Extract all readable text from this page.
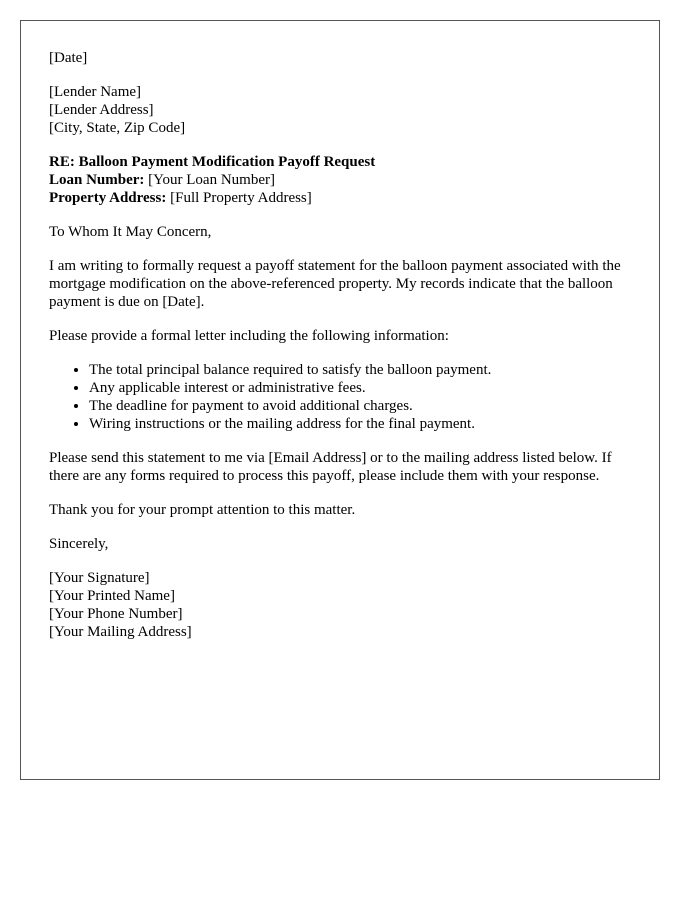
[Date]

[Lender Name]
[Lender Address]
[City, State, Zip Code]
RE: Balloon Payment Modification Payoff Request
Loan Number: [Your Loan Number]
Property Address: [Full Property Address]

To Whom It May Concern,

I am writing to formally request a payoff statement for the balloon payment associated with the mortgage modification on the above-referenced property. My records indicate that the balloon payment is due on [Date].

Please provide a formal letter including the following information:

• The total principal balance required to satisfy the balloon payment.
• Any applicable interest or administrative fees.
• The deadline for payment to avoid additional charges.
• Wiring instructions or the mailing address for the final payment.

Please send this statement to me via [Email Address] or to the mailing address listed below. If there are any forms required to process this payoff, please include them with your response.

Thank you for your prompt attention to this matter.

Sincerely,

[Your Signature]
[Your Printed Name]
[Your Phone Number]
[Your Mailing Address]
